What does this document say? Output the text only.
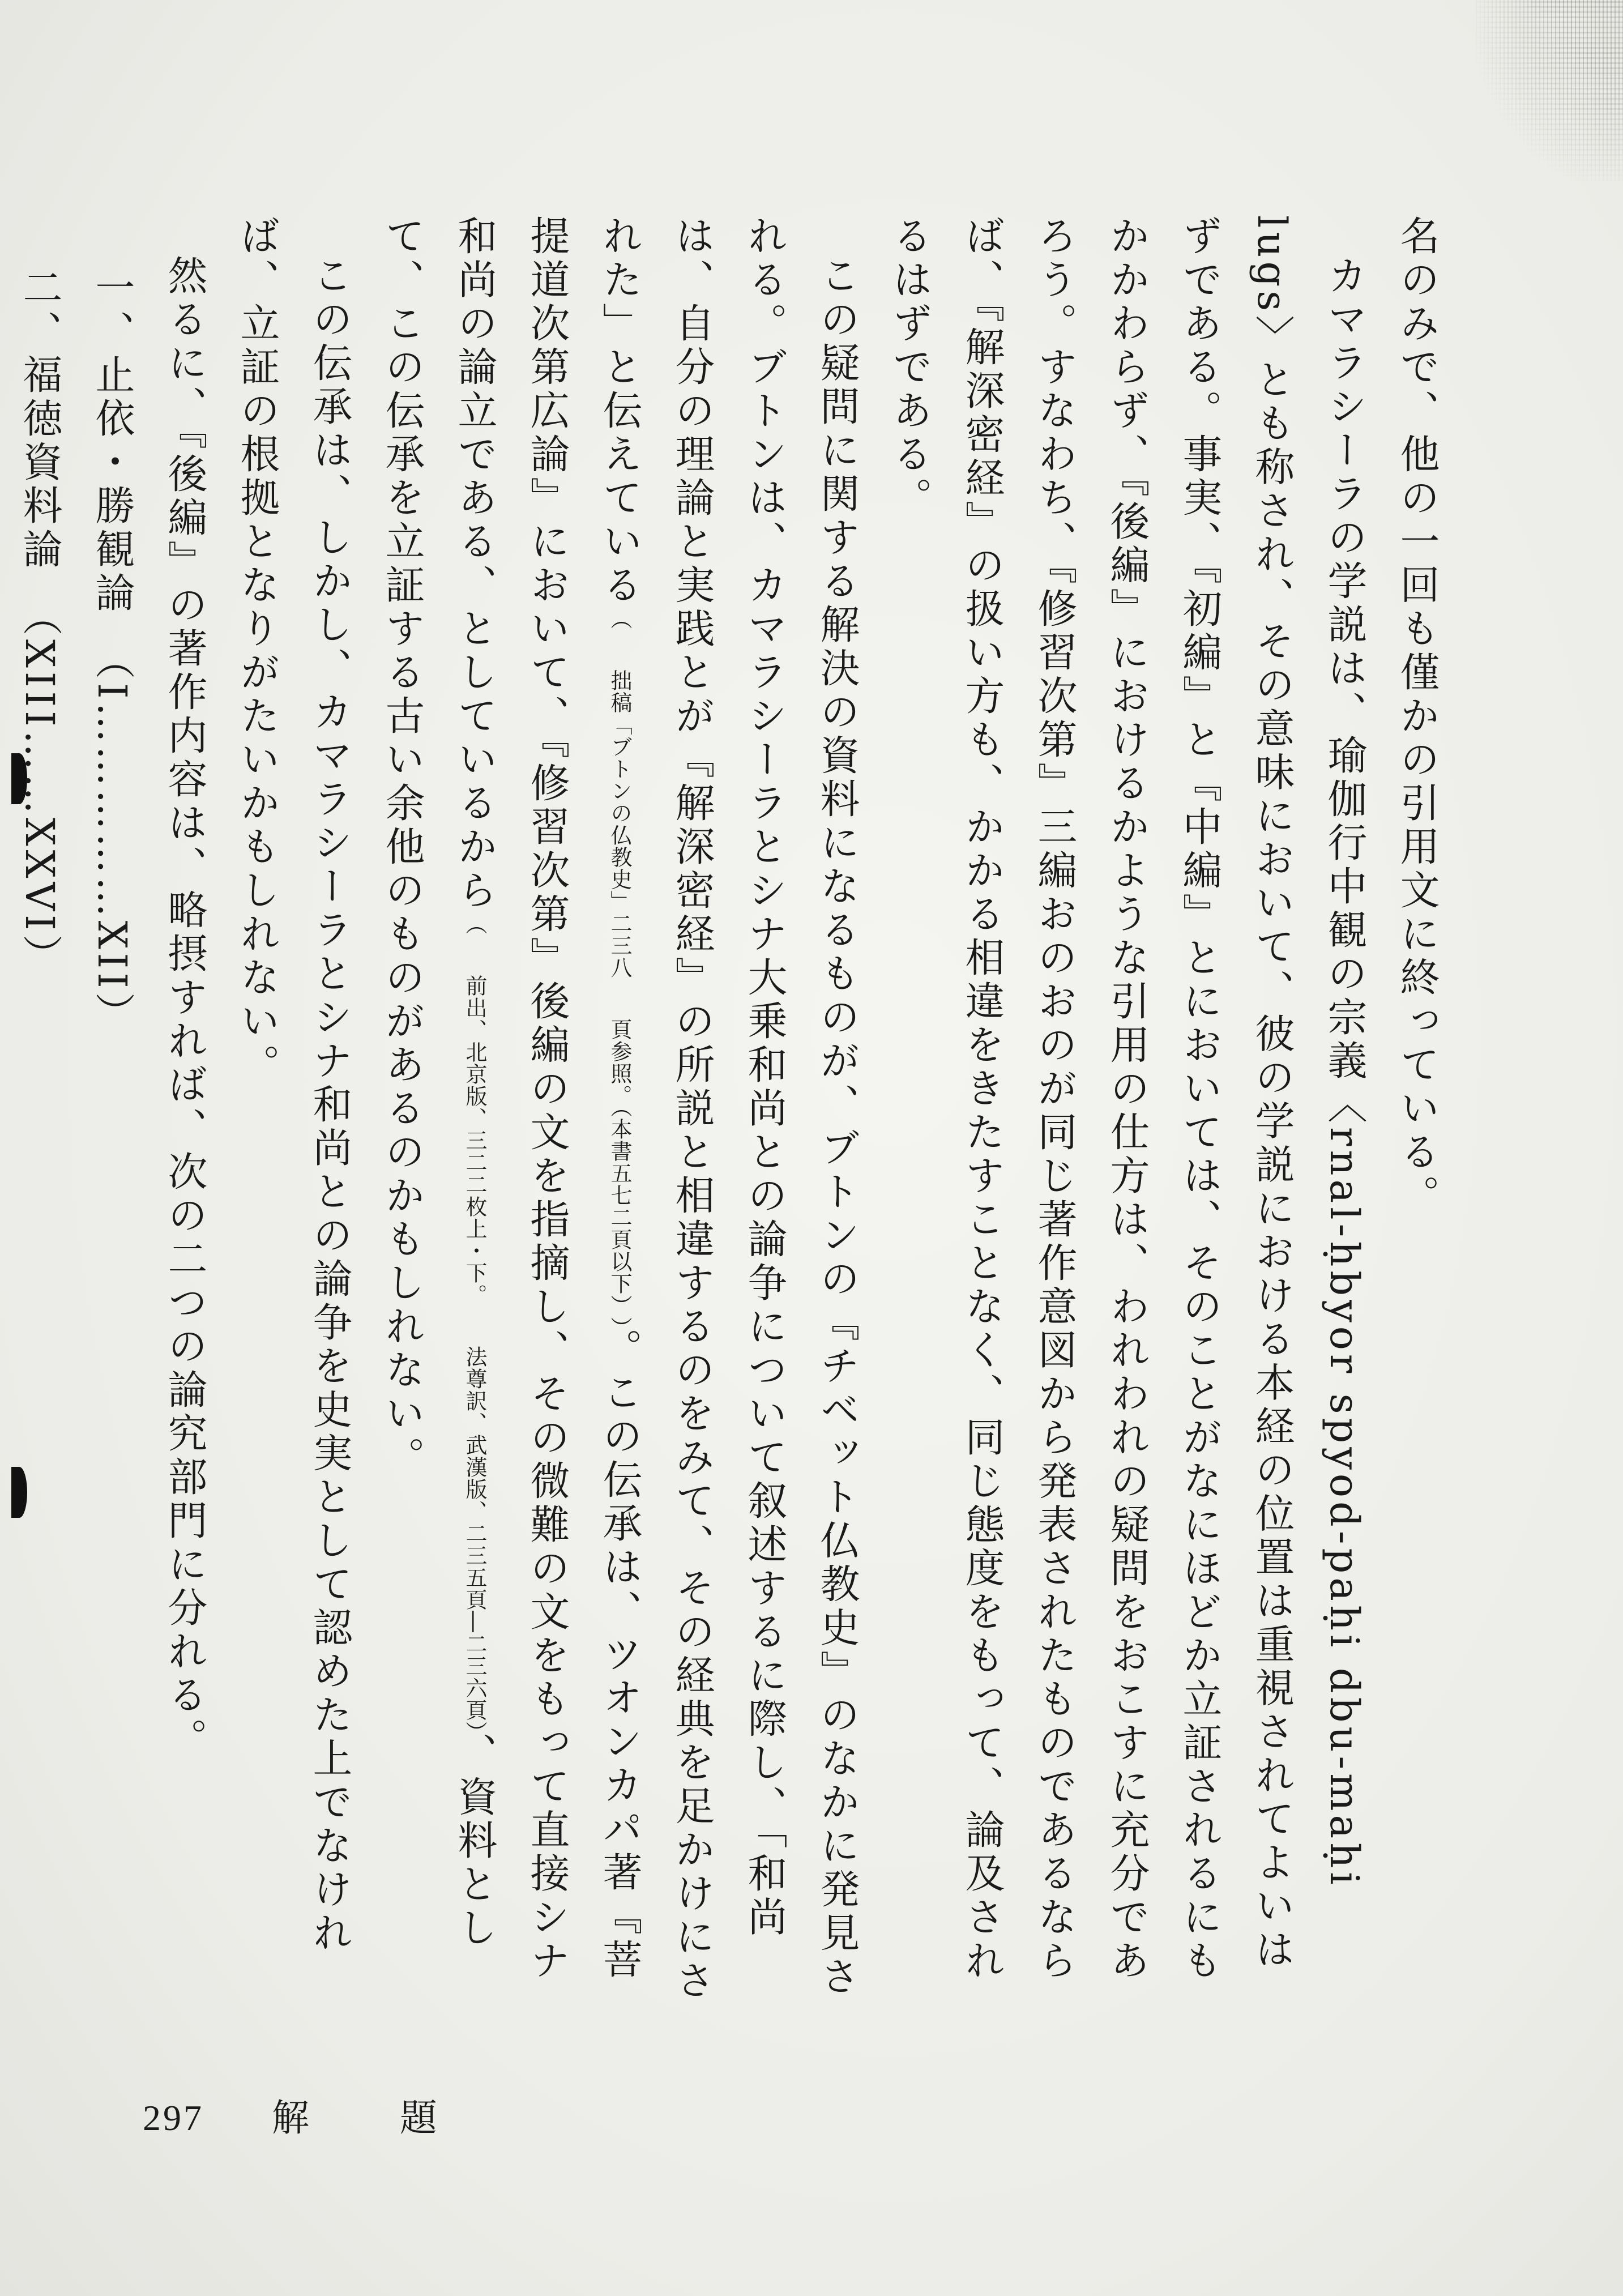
名のみで、他の一回も僅かの引用文に終っている。

カマラシーラの学説は、瑜伽行中観の宗義〈rnal-ḥbyor spyod-paḥi dbu-maḥi lugs〉とも称され、その意味において、彼の学説における本経の位置は重視されてよいはずである。事実、『初編』と『中編』とにおいては、そのことがなにほどか立証されるにもかかわらず、『後編』におけるかような引用の仕方は、われわれの疑問をおこすに充分であろう。すなわち、『修習次第』三編おのおのが同じ著作意図から発表されたものであるならば、『解深密経』の扱い方も、かかる相違をきたすことなく、同じ態度をもって、論及されるはずである。

この疑問に関する解決の資料になるものが、ブトンの『チベット仏教史』のなかに発見される。ブトンは、カマラシーラとシナ大乗和尚との論争について叙述するに際し、「和尚は、自分の理論と実践とが『解深密経』の所説と相違するのをみて、その経典を足かけにされた」と伝えている（拙稿「ブトンの仏教史」二三八頁参照。（本書五七二頁以下））。この伝承は、ツオンカパ著『菩提道次第広論』において、『修習次第』後編の文を指摘し、その微難の文をもって直接シナ和尚の論立である、としているから（前出、北京版、三二二枚上・下。法尊訳、武漢版、二三五頁―二三六頁）、資料として、この伝承を立証する古い余他のものがあるのかもしれない。

この伝承は、しかし、カマラシーラとシナ和尚との論争を史実として認めた上でなければ、立証の根拠となりがたいかもしれない。

然るに、『後編』の著作内容は、略摂すれば、次の二つの論究部門に分れる。

一、止依・勝観論　（I……………XII）

二、福徳資料論　（XIII……XXVI）

297 解題
